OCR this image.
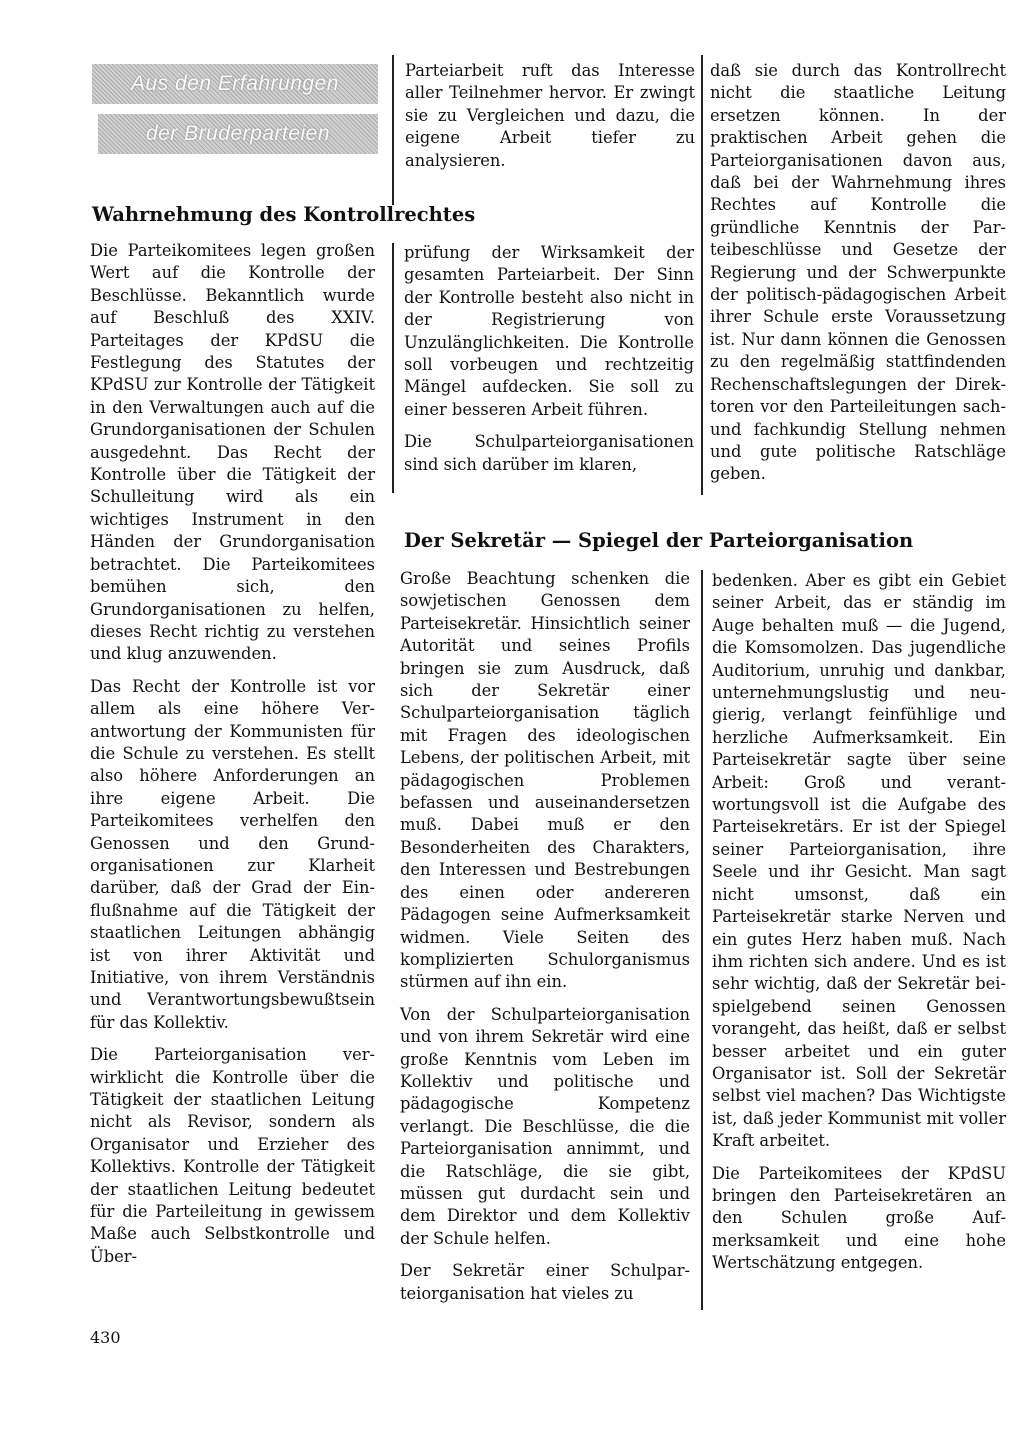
Aus den Erfahrungen
der Bruderparteien

Parteiarbeit ruft das Interesse aller Teilnehmer hervor. Er zwingt sie zu Vergleichen und dazu, die eigene Arbeit tiefer zu analysieren.

Wahrnehmung des Kontrollrechtes

Die Parteikomitees legen großen Wert auf die Kontrolle der Beschlüsse. Bekanntlich wurde auf Beschluß des XXIV. Parteitages der KPdSU die Festlegung des Statutes der KPdSU zur Kontrolle der Tätigkeit in den Verwaltungen auch auf die Grundorganisationen der Schulen ausgedehnt. Das Recht der Kontrolle über die Tätigkeit der Schulleitung wird als ein wichtiges Instrument in den Händen der Grundorganisation betrachtet. Die Parteikomitees bemühen sich, den Grundorganisationen zu helfen, dieses Recht richtig zu verstehen und klug anzuwenden.

Das Recht der Kontrolle ist vor allem als eine höhere Verantwortung der Kommunisten für die Schule zu verstehen. Es stellt also höhere Anforderungen an ihre eigene Arbeit. Die Parteikomitees verhelfen den Genossen und den Grundorganisationen zur Klarheit darüber, daß der Grad der Einflußnahme auf die Tätigkeit der staatlichen Leitungen abhängig ist von ihrer Aktivität und Initiative, von ihrem Verständnis und Verantwortungsbewußtsein für das Kollektiv.

Die Parteiorganisation verwirklicht die Kontrolle über die Tätigkeit der staatlichen Leitung nicht als Revisor, sondern als Organisator und Erzieher des Kollektivs. Kontrolle der Tätigkeit der staatlichen Leitung bedeutet für die Parteileitung in gewissem Maße auch Selbstkontrolle und Über-

prüfung der Wirksamkeit der gesamten Parteiarbeit. Der Sinn der Kontrolle besteht also nicht in der Registrierung von Unzulänglichkeiten. Die Kontrolle soll vorbeugen und rechtzeitig Mängel aufdecken. Sie soll zu einer besseren Arbeit führen.

Die Schulparteiorganisationen sind sich darüber im klaren,

daß sie durch das Kontrollrecht nicht die staatliche Leitung ersetzen können. In der praktischen Arbeit gehen die Parteiorganisationen davon aus, daß bei der Wahrnehmung ihres Rechtes auf Kontrolle die gründliche Kenntnis der Parteibeschlüsse und Gesetze der Regierung und der Schwerpunkte der politisch-pädagogischen Arbeit ihrer Schule erste Voraussetzung ist. Nur dann können die Genossen zu den regelmäßig stattfindenden Rechenschaftslegungen der Direktoren vor den Parteileitungen sach- und fachkundig Stellung nehmen und gute politische Ratschläge geben.

Der Sekretär — Spiegel der Parteiorganisation

Große Beachtung schenken die sowjetischen Genossen dem Parteisekretär. Hinsichtlich seiner Autorität und seines Profils bringen sie zum Ausdruck, daß sich der Sekretär einer Schulparteiorganisation täglich mit Fragen des ideologischen Lebens, der politischen Arbeit, mit pädagogischen Problemen befassen und auseinandersetzen muß. Dabei muß er den Besonderheiten des Charakters, den Interessen und Bestrebungen des einen oder andereren Pädagogen seine Aufmerksamkeit widmen. Viele Seiten des komplizierten Schulorganismus stürmen auf ihn ein.

Von der Schulparteiorganisation und von ihrem Sekretär wird eine große Kenntnis vom Leben im Kollektiv und politische und pädagogische Kompetenz verlangt. Die Beschlüsse, die die Parteiorganisation annimmt, und die Ratschläge, die sie gibt, müssen gut durdacht sein und dem Direktor und dem Kollektiv der Schule helfen.

Der Sekretär einer Schulparteiorganisation hat vieles zu

bedenken. Aber es gibt ein Gebiet seiner Arbeit, das er ständig im Auge behalten muß — die Jugend, die Komsomolzen. Das jugendliche Auditorium, unruhig und dankbar, unternehmungslustig und neugierig, verlangt feinfühlige und herzliche Aufmerksamkeit. Ein Parteisekretär sagte über seine Arbeit: Groß und verantwortungsvoll ist die Aufgabe des Parteisekretärs. Er ist der Spiegel seiner Parteiorganisation, ihre Seele und ihr Gesicht. Man sagt nicht umsonst, daß ein Parteisekretär starke Nerven und ein gutes Herz haben muß. Nach ihm richten sich andere. Und es ist sehr wichtig, daß der Sekretär beispielgebend seinen Genossen vorangeht, das heißt, daß er selbst besser arbeitet und ein guter Organisator ist. Soll der Sekretär selbst viel machen? Das Wichtigste ist, daß jeder Kommunist mit voller Kraft arbeitet.

Die Parteikomitees der KPdSU bringen den Parteisekretären an den Schulen große Aufmerksamkeit und eine hohe Wertschätzung entgegen.

430
